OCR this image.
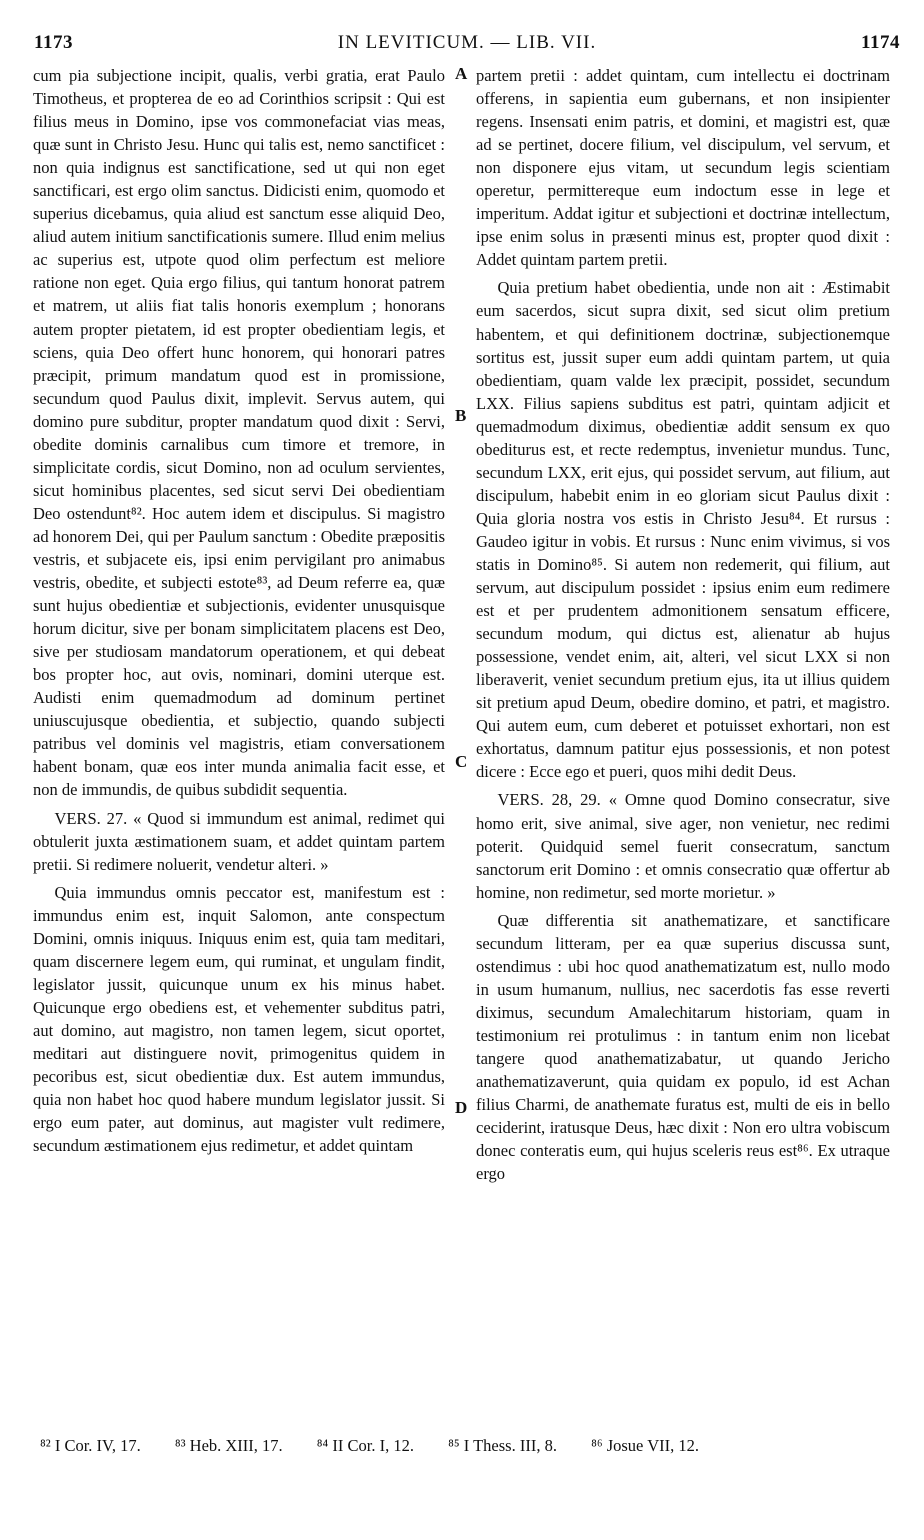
1173	IN LEVITICUM. — LIB. VII.	1174

cum pia subjectione incipit, qualis, verbi gratia, erat Paulo Timotheus, et propterea de eo ad Corinthios scripsit : Qui est filius meus in Domino, ipse vos commonefaciat vias meas, quæ sunt in Christo Jesu. Hunc qui talis est, nemo sanctificet : non quia indignus est sanctificatione, sed ut qui non eget sanctificari, est ergo olim sanctus. Didicisti enim, quomodo et superius dicebamus, quia aliud est sanctum esse aliquid Deo, aliud autem initium sanctificationis sumere. Illud enim melius ac superius est, utpote quod olim perfectum est meliore ratione non eget. Quia ergo filius, qui tantum honorat patrem et matrem, ut aliis fiat talis honoris exemplum ; honorans autem propter pietatem, id est propter obedientiam legis, et sciens, quia Deo offert hunc honorem, qui honorari patres præcipit, primum mandatum quod est in promissione, secundum quod Paulus dixit, implevit. Servus autem, qui domino pure subditur, propter mandatum quod dixit : Servi, obedite dominis carnalibus cum timore et tremore, in simplicitate cordis, sicut Domino, non ad oculum servientes, sicut hominibus placentes, sed sicut servi Dei obedientiam Deo ostendunt⁸². Hoc autem idem et discipulus. Si magistro ad honorem Dei, qui per Paulum sanctum : Obedite præpositis vestris, et subjacete eis, ipsi enim pervigilant pro animabus vestris, obedite, et subjecti estote⁸³, ad Deum referre ea, quæ sunt hujus obedientiæ et subjectionis, evidenter unusquisque horum dicitur, sive per bonam simplicitatem placens est Deo, sive per studiosam mandatorum operationem, et qui debeat bos propter hoc, aut ovis, nominari, domini uterque est. Audisti enim quemadmodum ad dominum pertinet uniuscujusque obedientia, et subjectio, quando subjecti patribus vel dominis vel magistris, etiam conversationem habent bonam, quæ eos inter munda animalia facit esse, et non de immundis, de quibus subdidit sequentia.

VERS. 27. « Quod si immundum est animal, redimet qui obtulerit juxta æstimationem suam, et addet quintam partem pretii. Si redimere noluerit, vendetur alteri. »

Quia immundus omnis peccator est, manifestum est : immundus enim est, inquit Salomon, ante conspectum Domini, omnis iniquus. Iniquus enim est, quia tam meditari, quam discernere legem eum, qui ruminat, et ungulam findit, legislator jussit, quicunque unum ex his minus habet. Quicunque ergo obediens est, et vehementer subditus patri, aut domino, aut magistro, non tamen legem, sicut oportet, meditari aut distinguere novit, primogenitus quidem in pecoribus est, sicut obedientiæ dux. Est autem immundus, quia non habet hoc quod habere mundum legislator jussit. Si ergo eum pater, aut dominus, aut magister vult redimere, secundum æstimationem ejus redimetur, et addet quintam

A
B
C
D

partem pretii : addet quintam, cum intellectu ei doctrinam offerens, in sapientia eum gubernans, et non insipienter regens. Insensati enim patris, et domini, et magistri est, quæ ad se pertinet, docere filium, vel discipulum, vel servum, et non disponere ejus vitam, ut secundum legis scientiam operetur, permittereque eum indoctum esse in lege et imperitum. Addat igitur et subjectioni et doctrinæ intellectum, ipse enim solus in præsenti minus est, propter quod dixit : Addet quintam partem pretii.

Quia pretium habet obedientia, unde non ait : Æstimabit eum sacerdos, sicut supra dixit, sed sicut olim pretium habentem, et qui definitionem doctrinæ, subjectionemque sortitus est, jussit super eum addi quintam partem, ut quia obedientiam, quam valde lex præcipit, possidet, secundum LXX. Filius sapiens subditus est patri, quintam adjicit et quemadmodum diximus, obedientiæ addit sensum ex quo obediturus est, et recte redemptus, invenietur mundus. Tunc, secundum LXX, erit ejus, qui possidet servum, aut filium, aut discipulum, habebit enim in eo gloriam sicut Paulus dixit : Quia gloria nostra vos estis in Christo Jesu⁸⁴. Et rursus : Gaudeo igitur in vobis. Et rursus : Nunc enim vivimus, si vos statis in Domino⁸⁵. Si autem non redemerit, qui filium, aut servum, aut discipulum possidet : ipsius enim eum redimere est et per prudentem admonitionem sensatum efficere, secundum modum, qui dictus est, alienatur ab hujus possessione, vendet enim, ait, alteri, vel sicut LXX si non liberaverit, veniet secundum pretium ejus, ita ut illius quidem sit pretium apud Deum, obedire domino, et patri, et magistro. Qui autem eum, cum deberet et potuisset exhortari, non est exhortatus, damnum patitur ejus possessionis, et non potest dicere : Ecce ego et pueri, quos mihi dedit Deus.

VERS. 28, 29. « Omne quod Domino consecratur, sive homo erit, sive animal, sive ager, non venietur, nec redimi poterit. Quidquid semel fuerit consecratum, sanctum sanctorum erit Domino : et omnis consecratio quæ offertur ab homine, non redimetur, sed morte morietur. »

Quæ differentia sit anathematizare, et sanctificare secundum litteram, per ea quæ superius discussa sunt, ostendimus : ubi hoc quod anathematizatum est, nullo modo in usum humanum, nullius, nec sacerdotis fas esse reverti diximus, secundum Amalechitarum historiam, quam in testimonium rei protulimus : in tantum enim non licebat tangere quod anathematizabatur, ut quando Jericho anathematizaverunt, quia quidam ex populo, id est Achan filius Charmi, de anathemate furatus est, multi de eis in bello ceciderint, iratusque Deus, hæc dixit : Non ero ultra vobiscum donec conteratis eum, qui hujus sceleris reus est⁸⁶. Ex utraque ergo

⁸² I Cor. IV, 17. ⁸³ Heb. XIII, 17. ⁸⁴ II Cor. I, 12. ⁸⁵ I Thess. III, 8. ⁸⁶ Josue VII, 12.
